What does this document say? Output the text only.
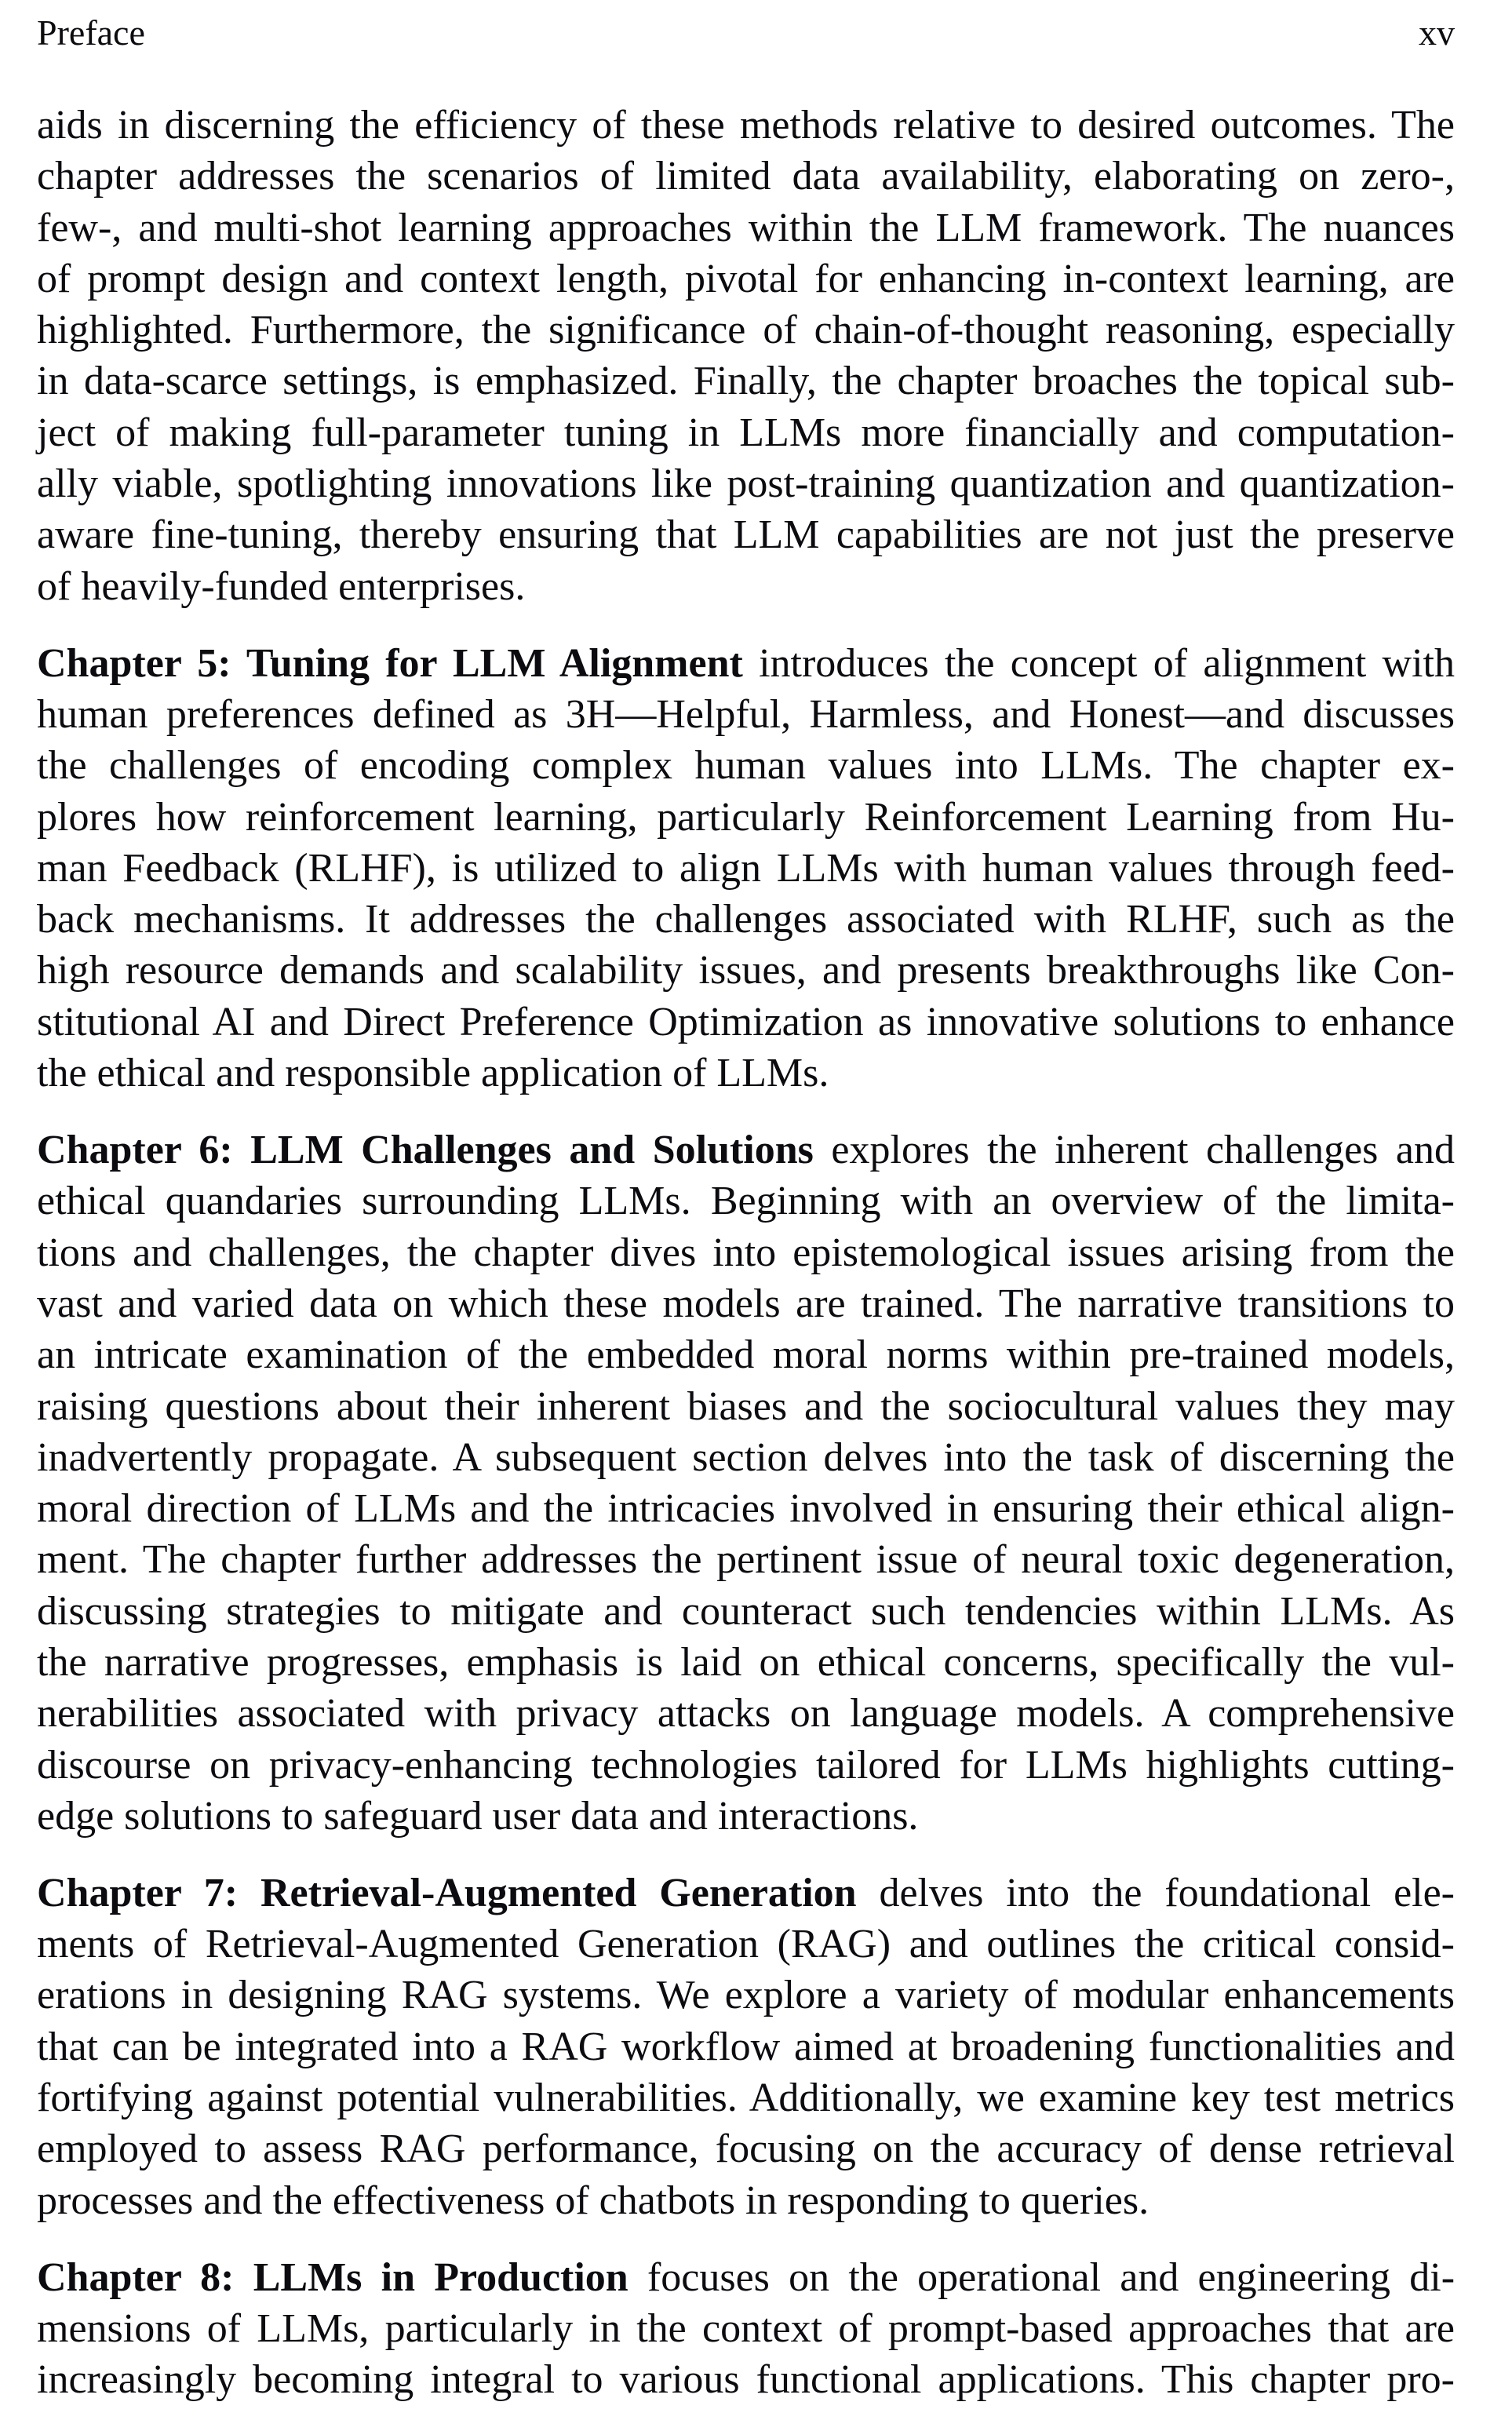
Preface	xv

aids in discerning the efficiency of these methods relative to desired outcomes. The
chapter addresses the scenarios of limited data availability, elaborating on zero-,
few-, and multi-shot learning approaches within the LLM framework. The nuances
of prompt design and context length, pivotal for enhancing in-context learning, are
highlighted. Furthermore, the significance of chain-of-thought reasoning, especially
in data-scarce settings, is emphasized. Finally, the chapter broaches the topical sub-
ject of making full-parameter tuning in LLMs more financially and computation-
ally viable, spotlighting innovations like post-training quantization and quantization-
aware fine-tuning, thereby ensuring that LLM capabilities are not just the preserve
of heavily-funded enterprises.

Chapter 5: Tuning for LLM Alignment introduces the concept of alignment with
human preferences defined as 3H—Helpful, Harmless, and Honest—and discusses
the challenges of encoding complex human values into LLMs. The chapter ex-
plores how reinforcement learning, particularly Reinforcement Learning from Hu-
man Feedback (RLHF), is utilized to align LLMs with human values through feed-
back mechanisms. It addresses the challenges associated with RLHF, such as the
high resource demands and scalability issues, and presents breakthroughs like Con-
stitutional AI and Direct Preference Optimization as innovative solutions to enhance
the ethical and responsible application of LLMs.

Chapter 6: LLM Challenges and Solutions explores the inherent challenges and
ethical quandaries surrounding LLMs. Beginning with an overview of the limita-
tions and challenges, the chapter dives into epistemological issues arising from the
vast and varied data on which these models are trained. The narrative transitions to
an intricate examination of the embedded moral norms within pre-trained models,
raising questions about their inherent biases and the sociocultural values they may
inadvertently propagate. A subsequent section delves into the task of discerning the
moral direction of LLMs and the intricacies involved in ensuring their ethical align-
ment. The chapter further addresses the pertinent issue of neural toxic degeneration,
discussing strategies to mitigate and counteract such tendencies within LLMs. As
the narrative progresses, emphasis is laid on ethical concerns, specifically the vul-
nerabilities associated with privacy attacks on language models. A comprehensive
discourse on privacy-enhancing technologies tailored for LLMs highlights cutting-
edge solutions to safeguard user data and interactions.

Chapter 7: Retrieval-Augmented Generation delves into the foundational ele-
ments of Retrieval-Augmented Generation (RAG) and outlines the critical consid-
erations in designing RAG systems. We explore a variety of modular enhancements
that can be integrated into a RAG workflow aimed at broadening functionalities and
fortifying against potential vulnerabilities. Additionally, we examine key test metrics
employed to assess RAG performance, focusing on the accuracy of dense retrieval
processes and the effectiveness of chatbots in responding to queries.

Chapter 8: LLMs in Production focuses on the operational and engineering di-
mensions of LLMs, particularly in the context of prompt-based approaches that are
increasingly becoming integral to various functional applications. This chapter pro-
